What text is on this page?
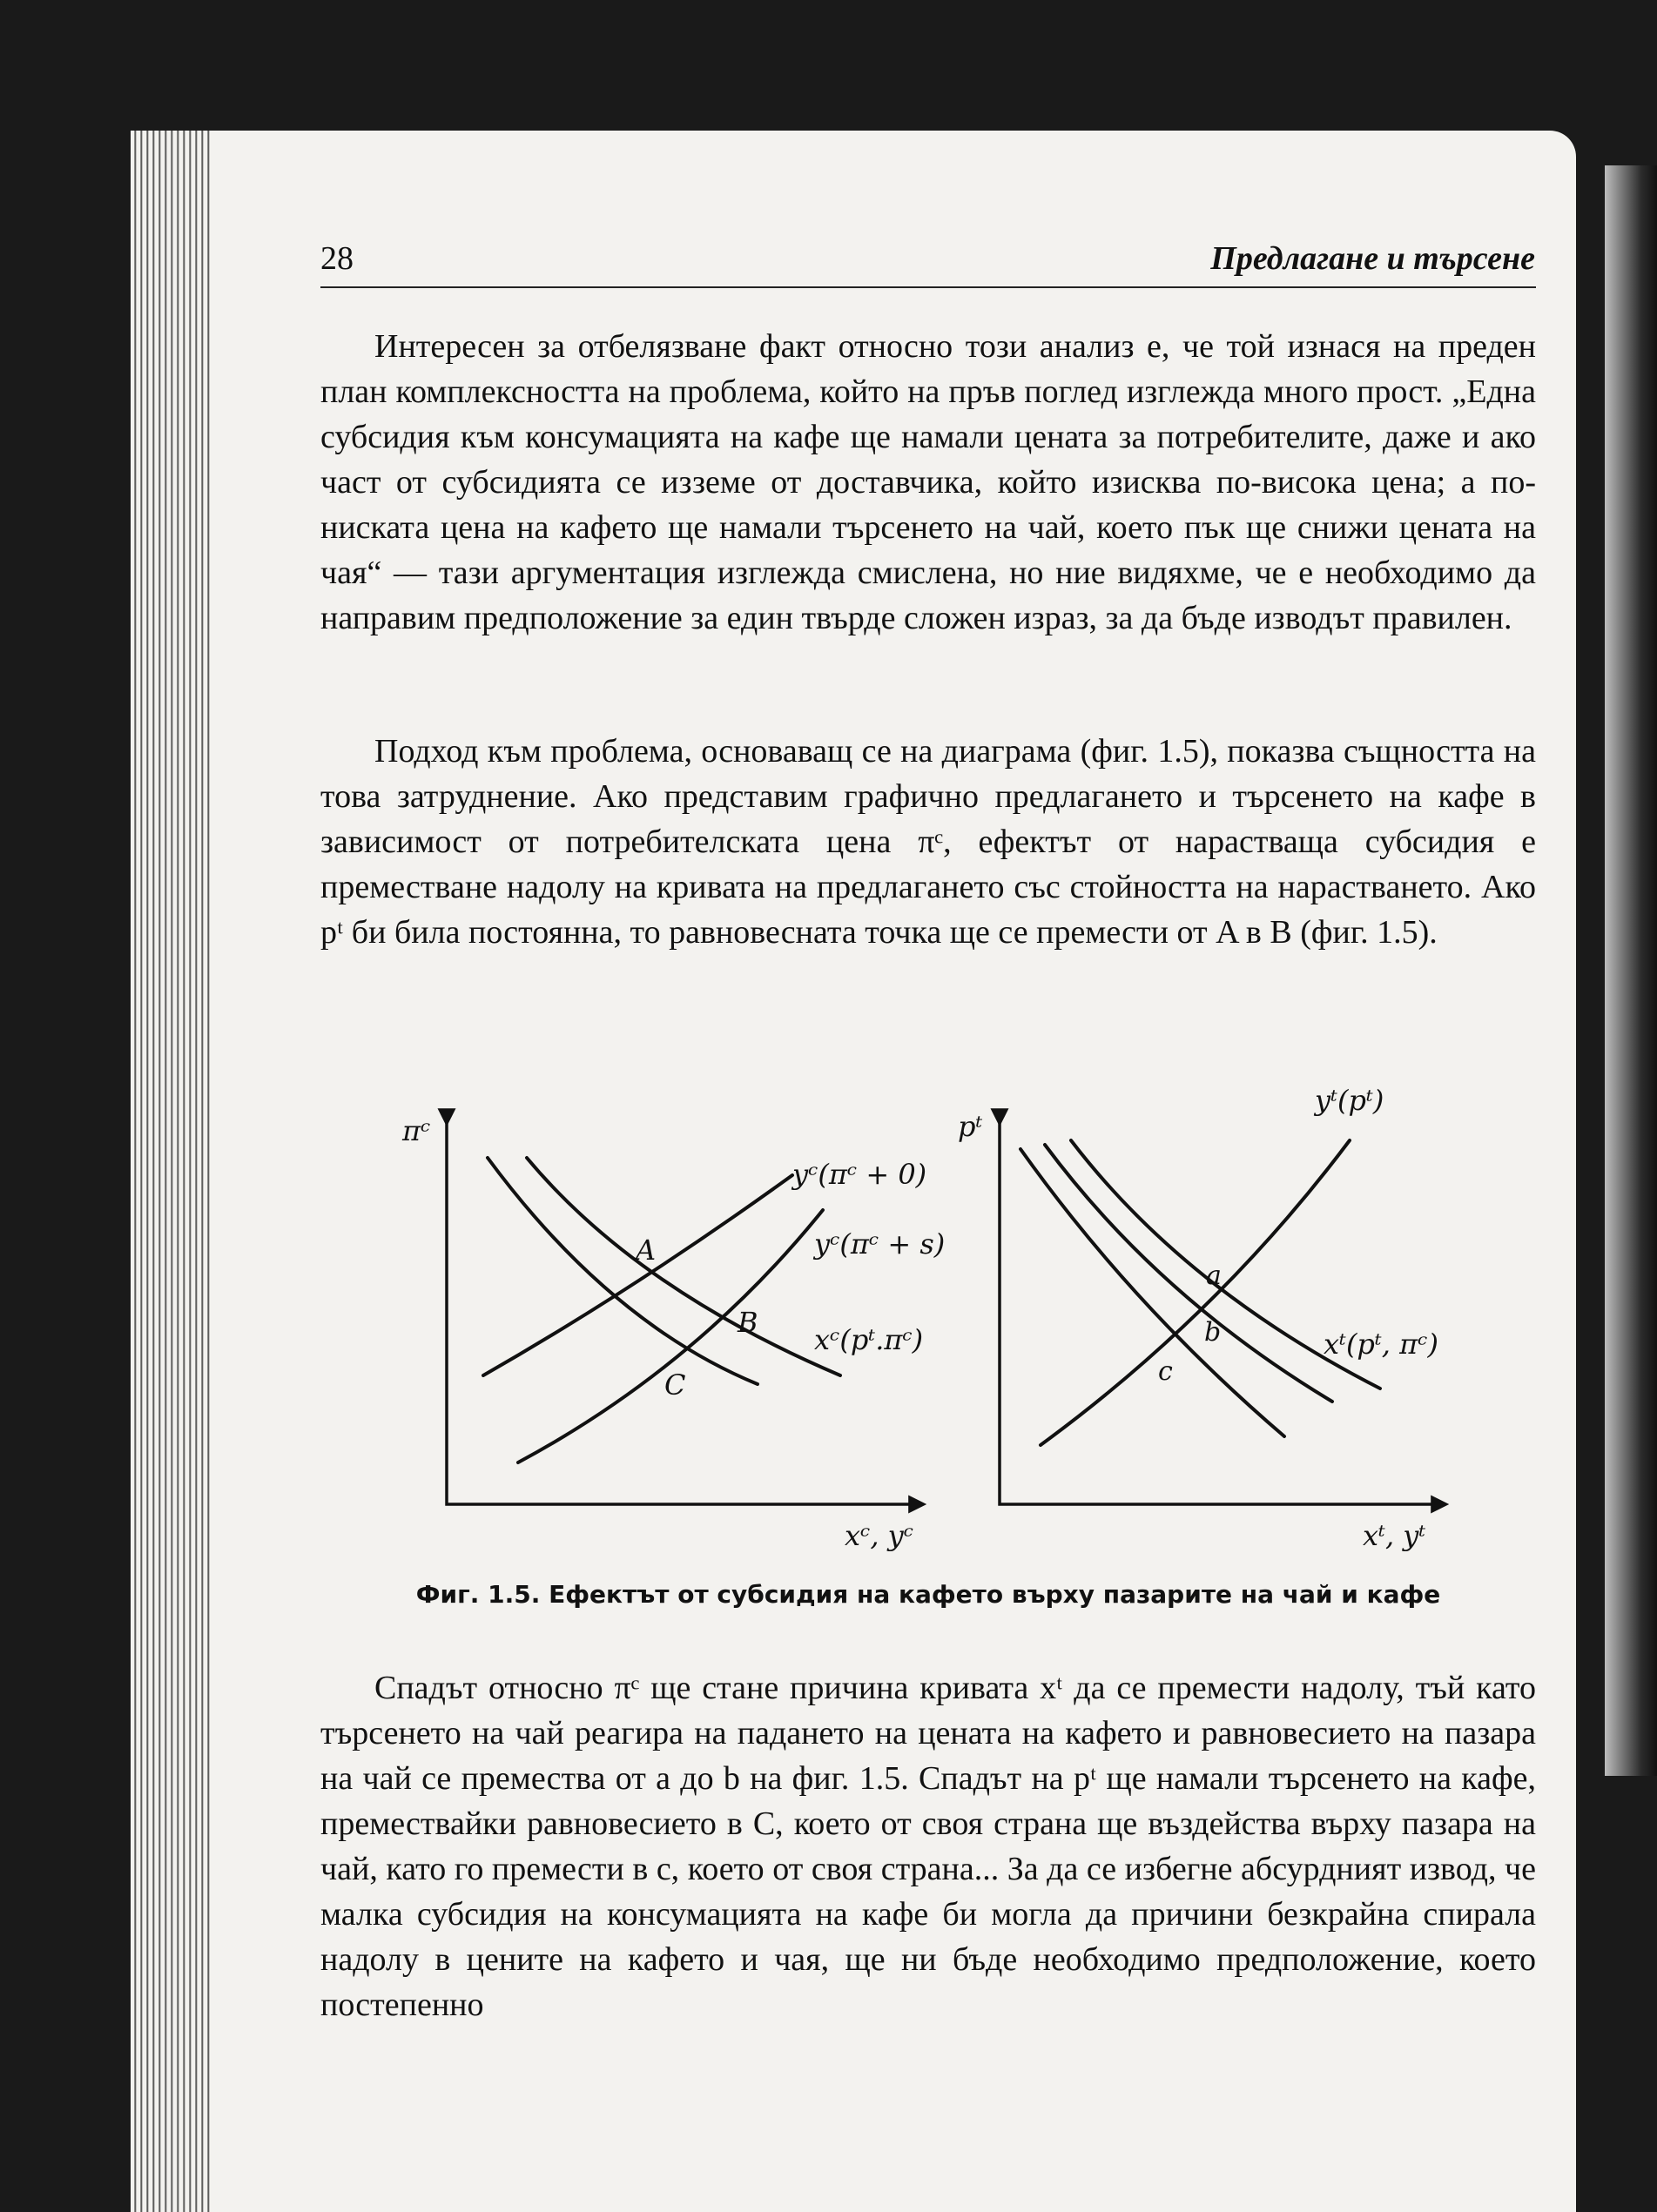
28	Предлагане и търсене

Интересен за отбелязване факт относно този анализ е, че той изнася на преден план комплексността на проблема, който на пръв поглед изглежда много прост. „Една субсидия към консумацията на кафе ще намали цената за потребителите, даже и ако част от субсидията се изземе от доставчика, който изисква по-висока цена; а по-ниската цена на кафето ще намали търсенето на чай, което пък ще снижи цената на чая“ — тази аргументация изглежда смислена, но ние видяхме, че е необходимо да направим предположение за един твърде сложен израз, за да бъде изводът правилен.

Подход към проблема, основаващ се на диаграма (фиг. 1.5), показва същността на това затруднение. Ако представим графично предлагането и търсенето на кафе в зависимост от потребителската цена πᶜ, ефектът от нарастваща субсидия е преместване надолу на кривата на предлагането със стойността на нарастването. Ако pᵗ би била постоянна, то равновесната точка ще се премести от A в B (фиг. 1.5).

πᶜ
xᶜ, yᶜ
yᶜ(πᶜ + 0)
yᶜ(πᶜ + s)
xᶜ(pᵗ.πᶜ)
A
B
C
pᵗ
xᵗ, yᵗ
yᵗ(pᵗ)
xᵗ(pᵗ, πᶜ)
a
b
c
Фиг. 1.5. Ефектът от субсидия на кафето върху пазарите на чай и кафе

Спадът относно πᶜ ще стане причина кривата xᵗ да се премести надолу, тъй като търсенето на чай реагира на падането на цената на кафето и равновесието на пазара на чай се премества от a до b на фиг. 1.5. Спадът на pᵗ ще намали търсенето на кафе, премествайки равновесието в C, което от своя страна ще въздейства върху пазара на чай, като го премести в c, което от своя страна... За да се избегне абсурдният извод, че малка субсидия на консумацията на кафе би могла да причини безкрайна спирала надолу в цените на кафето и чая, ще ни бъде необходимо предположение, което постепенно
